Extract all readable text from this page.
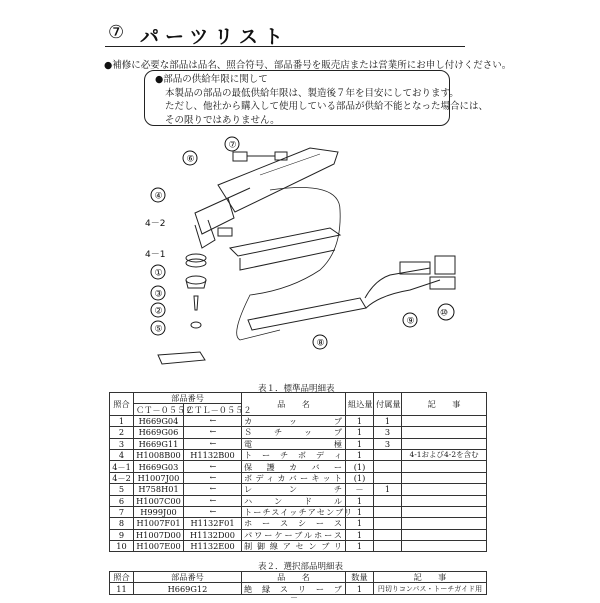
⑦ パーツリスト
●補修に必要な部品は品名、照合符号、部品番号を販売店または営業所にお申し付けください。
●部品の供給年限に関して
本製品の部品の最低供給年限は、製造後７年を目安にしております。
ただし、他社から購入して使用している部品が供給不能となった場合には、
その限りではありません。
⑦
⑥
④
4－2
4－1
①
③
②
⑤
⑧
⑨
⑩
表１．標準品明細表
照合	部品番号		品　　名	組込量	付属量	記　　事
	ＣＴ－０５５２	ＣＴＬ－０５５２				
1	H669G04	←	カ ッ プ	1	1	
2	H669G06	←	Ｓ チ ッ プ	1	3	
3	H669G11	←	電 極	1	3	
4	H1008B00	H1132B00	ト ー チ ボ デ ィ	1		4-1および4-2を含む
4－1	H669G03	←	保 護 カ バ ー	(1)		
4－2	H1007J00	←	ボディカバーキット	(1)		
5	H758H01	←	レ ン チ	－	1	
6	H1007C00	←	ハ ン ド ル	1		
7	H999J00	←	トーチスイッチアセンブリ	1		
8	H1007F01	H1132F01	ホ ー ス シ ー ス	1		
9	H1007D00	H1132D00	パワーケーブルホース	1		
10	H1007E00	H1132E00	制御線アセンブリ	1		
表２．選択部品明細表
照合	部品番号	品　　名	数量	記　　事
11	H669G12	絶 縁 ス リ ー ブ	1	円切りコンパス・トーチガイド用
－
